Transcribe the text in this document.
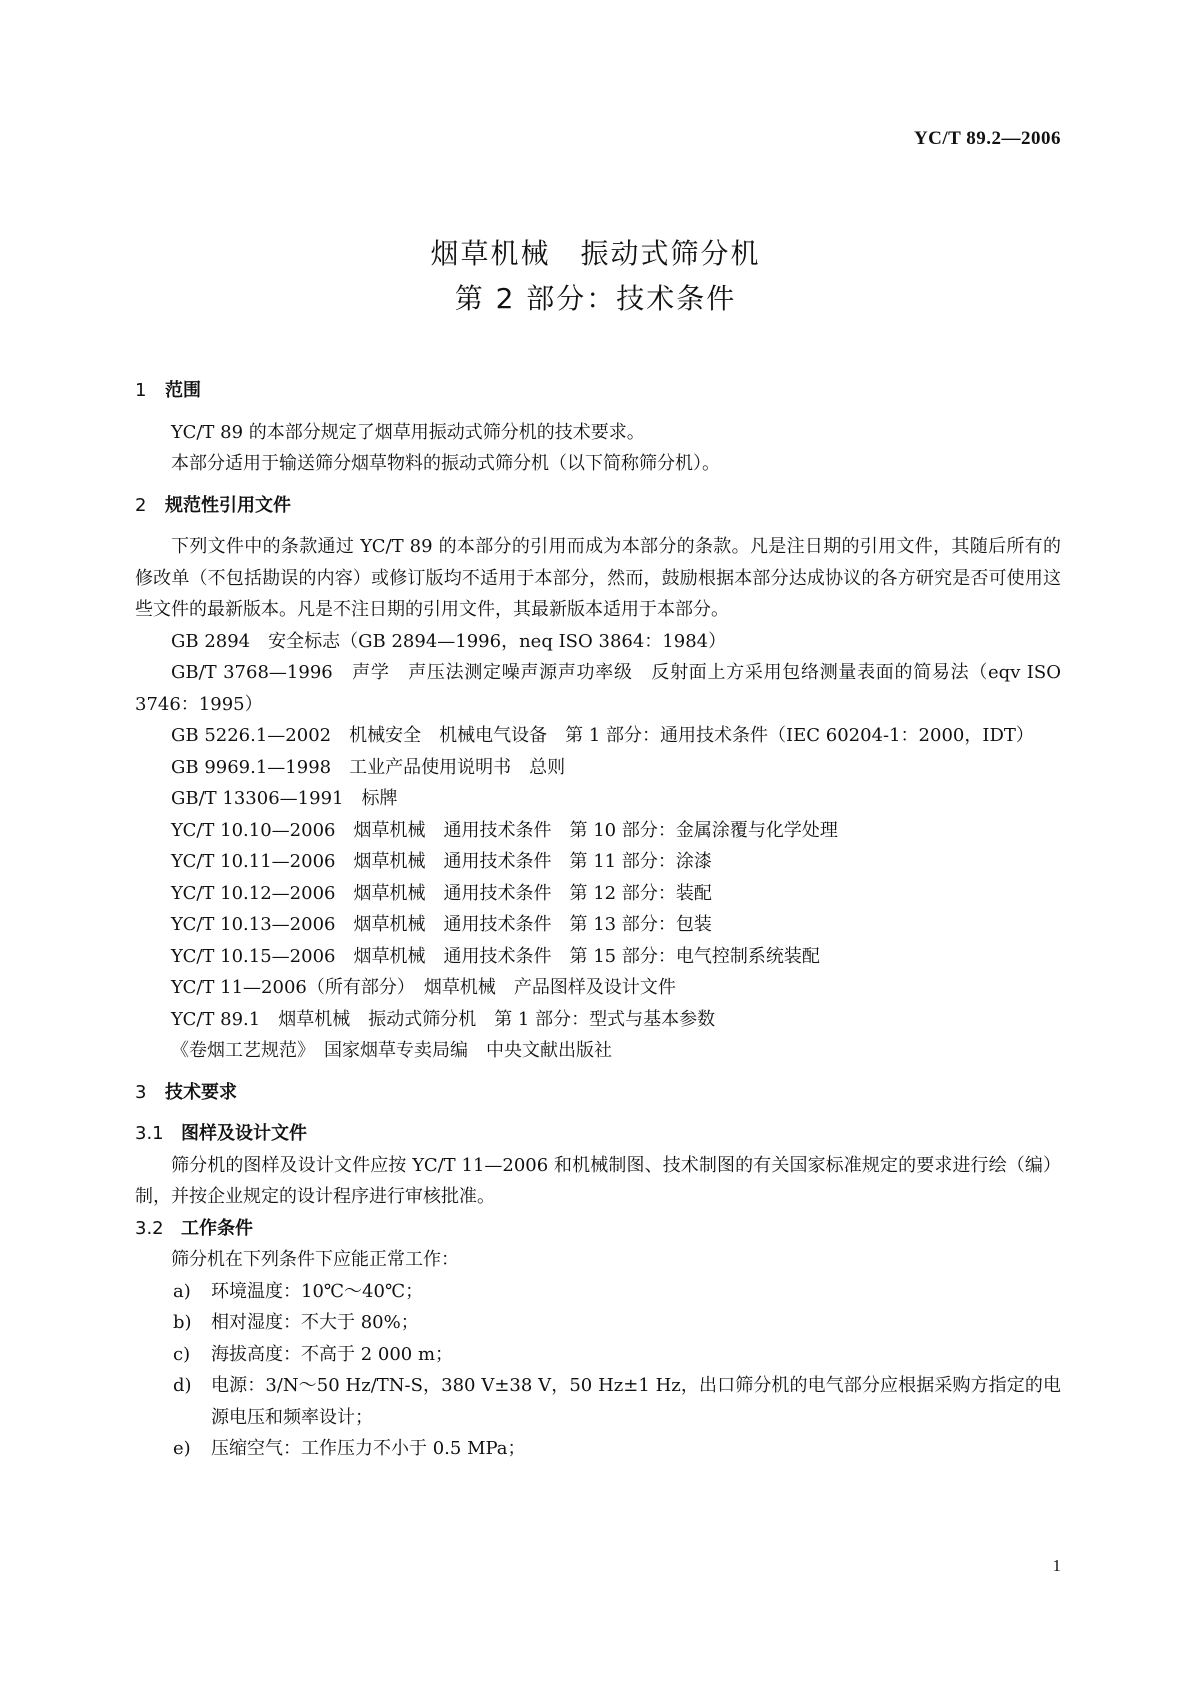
YC/T 89.2—2006
烟草机械　振动式筛分机
第 2 部分：技术条件
1 范围

YC/T 89 的本部分规定了烟草用振动式筛分机的技术要求。

本部分适用于输送筛分烟草物料的振动式筛分机（以下简称筛分机）。

2 规范性引用文件

下列文件中的条款通过 YC/T 89 的本部分的引用而成为本部分的条款。凡是注日期的引用文件，其随后所有的修改单（不包括勘误的内容）或修订版均不适用于本部分，然而，鼓励根据本部分达成协议的各方研究是否可使用这些文件的最新版本。凡是不注日期的引用文件，其最新版本适用于本部分。

GB 2894　安全标志（GB 2894—1996，neq ISO 3864：1984）

GB/T 3768—1996　声学　声压法测定噪声源声功率级　反射面上方采用包络测量表面的简易法（eqv ISO 3746：1995）

GB 5226.1—2002　机械安全　机械电气设备　第 1 部分：通用技术条件（IEC 60204-1：2000，IDT）

GB 9969.1—1998　工业产品使用说明书　总则

GB/T 13306—1991　标牌

YC/T 10.10—2006　烟草机械　通用技术条件　第 10 部分：金属涂覆与化学处理

YC/T 10.11—2006　烟草机械　通用技术条件　第 11 部分：涂漆

YC/T 10.12—2006　烟草机械　通用技术条件　第 12 部分：装配

YC/T 10.13—2006　烟草机械　通用技术条件　第 13 部分：包装

YC/T 10.15—2006　烟草机械　通用技术条件　第 15 部分：电气控制系统装配

YC/T 11—2006（所有部分）　烟草机械　产品图样及设计文件

YC/T 89.1　烟草机械　振动式筛分机　第 1 部分：型式与基本参数

《卷烟工艺规范》　国家烟草专卖局编　中央文献出版社

3 技术要求
3.1 图样及设计文件

筛分机的图样及设计文件应按 YC/T 11—2006 和机械制图、技术制图的有关国家标准规定的要求进行绘（编）制，并按企业规定的设计程序进行审核批准。

3.2 工作条件

筛分机在下列条件下应能正常工作：

a)	环境温度：10℃～40℃；
b)	相对湿度：不大于 80%；
c)	海拔高度：不高于 2 000 m；
d)	电源：3/N～50 Hz/TN-S，380 V±38 V，50 Hz±1 Hz，出口筛分机的电气部分应根据采购方指定的电源电压和频率设计；
e)	压缩空气：工作压力不小于 0.5 MPa；
1
